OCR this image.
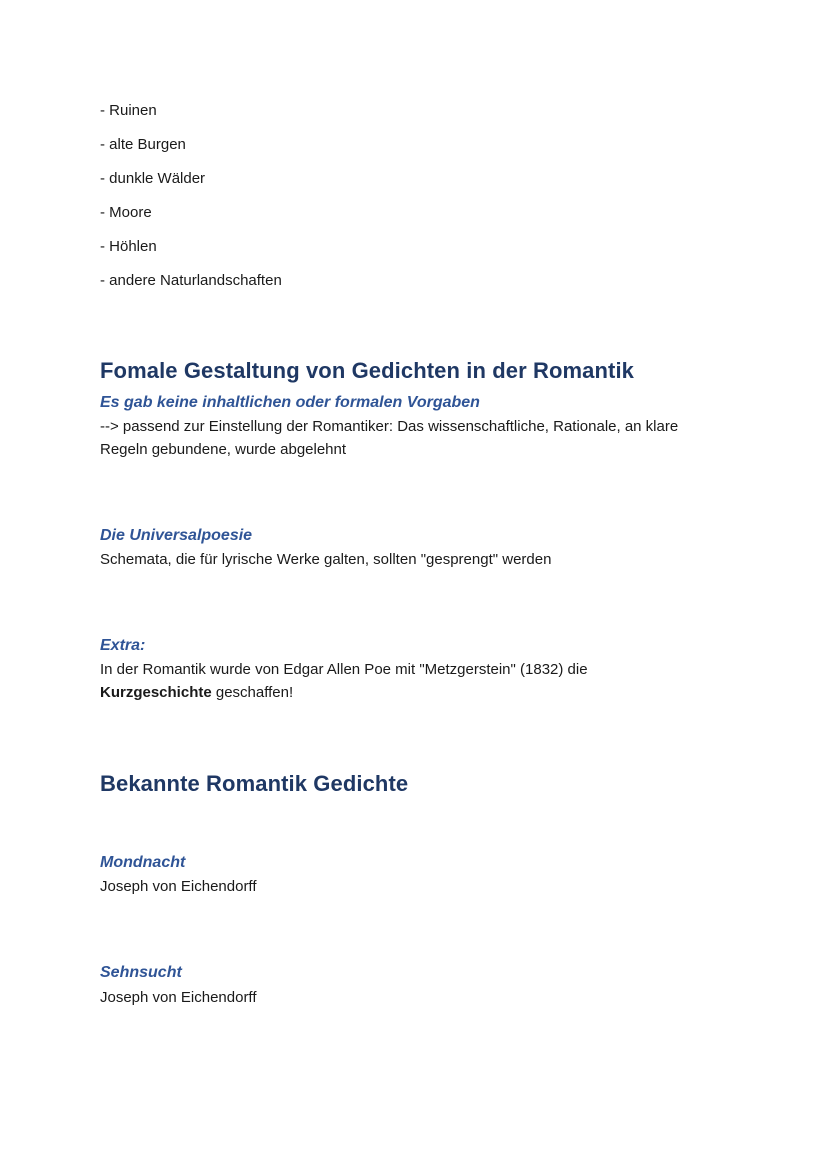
- Ruinen
- alte Burgen
- dunkle Wälder
- Moore
- Höhlen
- andere Naturlandschaften
Fomale Gestaltung von Gedichten in der Romantik
Es gab keine inhaltlichen oder formalen Vorgaben
--> passend zur Einstellung der Romantiker: Das wissenschaftliche, Rationale, an klare
Regeln gebundene, wurde abgelehnt
Die Universalpoesie
Schemata, die für lyrische Werke galten, sollten "gesprengt" werden
Extra:
In der Romantik wurde von Edgar Allen Poe mit "Metzgerstein" (1832) die
Kurzgeschichte geschaffen!
Bekannte Romantik Gedichte
Mondnacht
Joseph von Eichendorff
Sehnsucht
Joseph von Eichendorff
